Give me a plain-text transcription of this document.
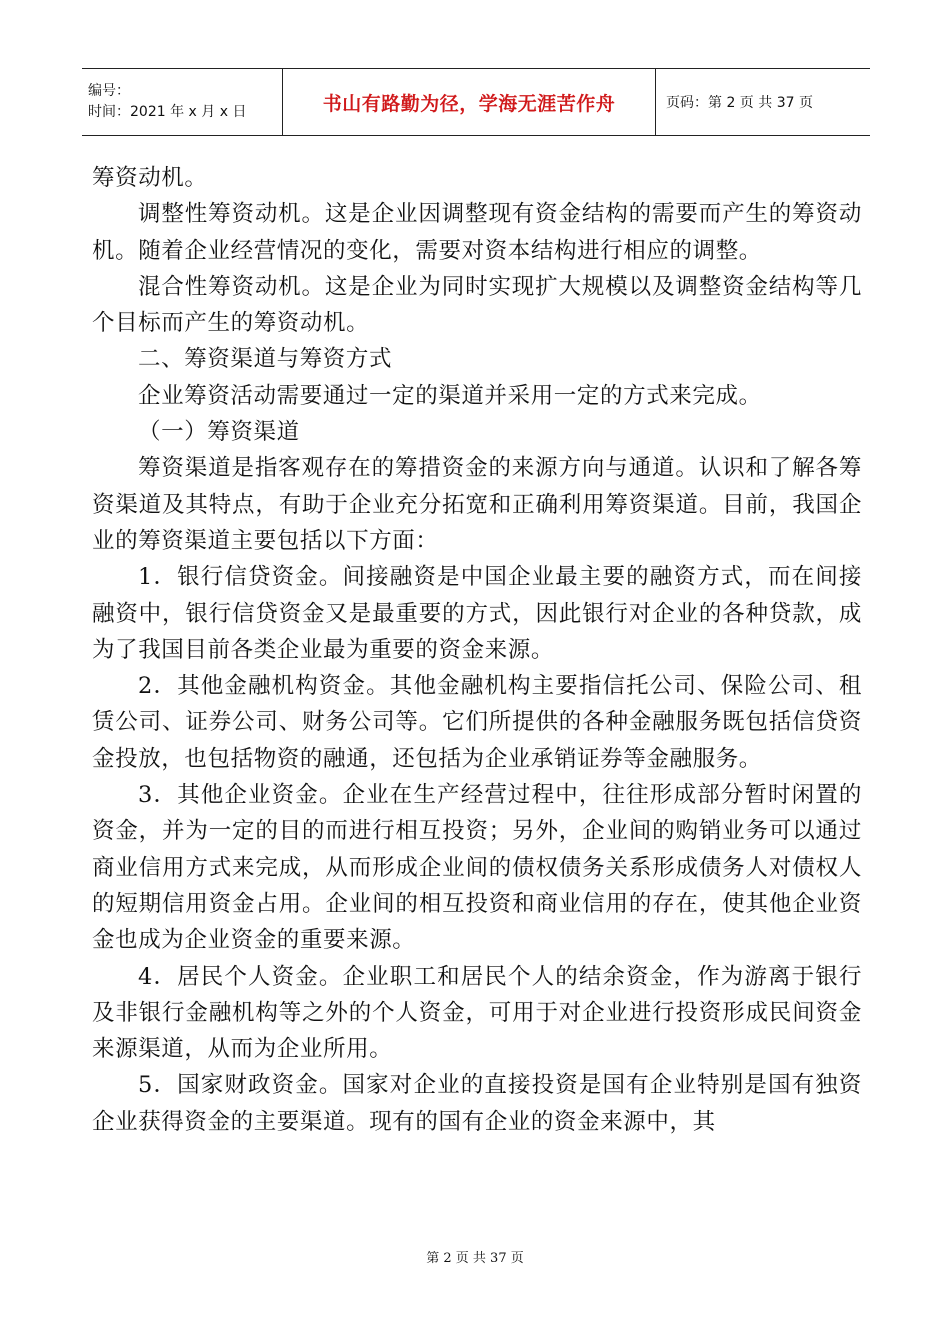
编号：
时间：2021 年 x 月 x 日	书山有路勤为径，学海无涯苦作舟	页码：第 2 页 共 37 页

筹资动机。

调整性筹资动机。这是企业因调整现有资金结构的需要而产生的筹资动机。随着企业经营情况的变化，需要对资本结构进行相应的调整。

混合性筹资动机。这是企业为同时实现扩大规模以及调整资金结构等几个目标而产生的筹资动机。

二、筹资渠道与筹资方式

企业筹资活动需要通过一定的渠道并采用一定的方式来完成。

（一）筹资渠道

筹资渠道是指客观存在的筹措资金的来源方向与通道。认识和了解各筹资渠道及其特点，有助于企业充分拓宽和正确利用筹资渠道。目前，我国企业的筹资渠道主要包括以下方面：

1．银行信贷资金。间接融资是中国企业最主要的融资方式，而在间接融资中，银行信贷资金又是最重要的方式，因此银行对企业的各种贷款，成为了我国目前各类企业最为重要的资金来源。

2．其他金融机构资金。其他金融机构主要指信托公司、保险公司、租赁公司、证券公司、财务公司等。它们所提供的各种金融服务既包括信贷资金投放，也包括物资的融通，还包括为企业承销证券等金融服务。

3．其他企业资金。企业在生产经营过程中，往往形成部分暂时闲置的资金，并为一定的目的而进行相互投资；另外，企业间的购销业务可以通过商业信用方式来完成，从而形成企业间的债权债务关系形成债务人对债权人的短期信用资金占用。企业间的相互投资和商业信用的存在，使其他企业资金也成为企业资金的重要来源。

4．居民个人资金。企业职工和居民个人的结余资金，作为游离于银行及非银行金融机构等之外的个人资金，可用于对企业进行投资形成民间资金来源渠道，从而为企业所用。

5．国家财政资金。国家对企业的直接投资是国有企业特别是国有独资企业获得资金的主要渠道。现有的国有企业的资金来源中，其

第 2 页 共 37 页
